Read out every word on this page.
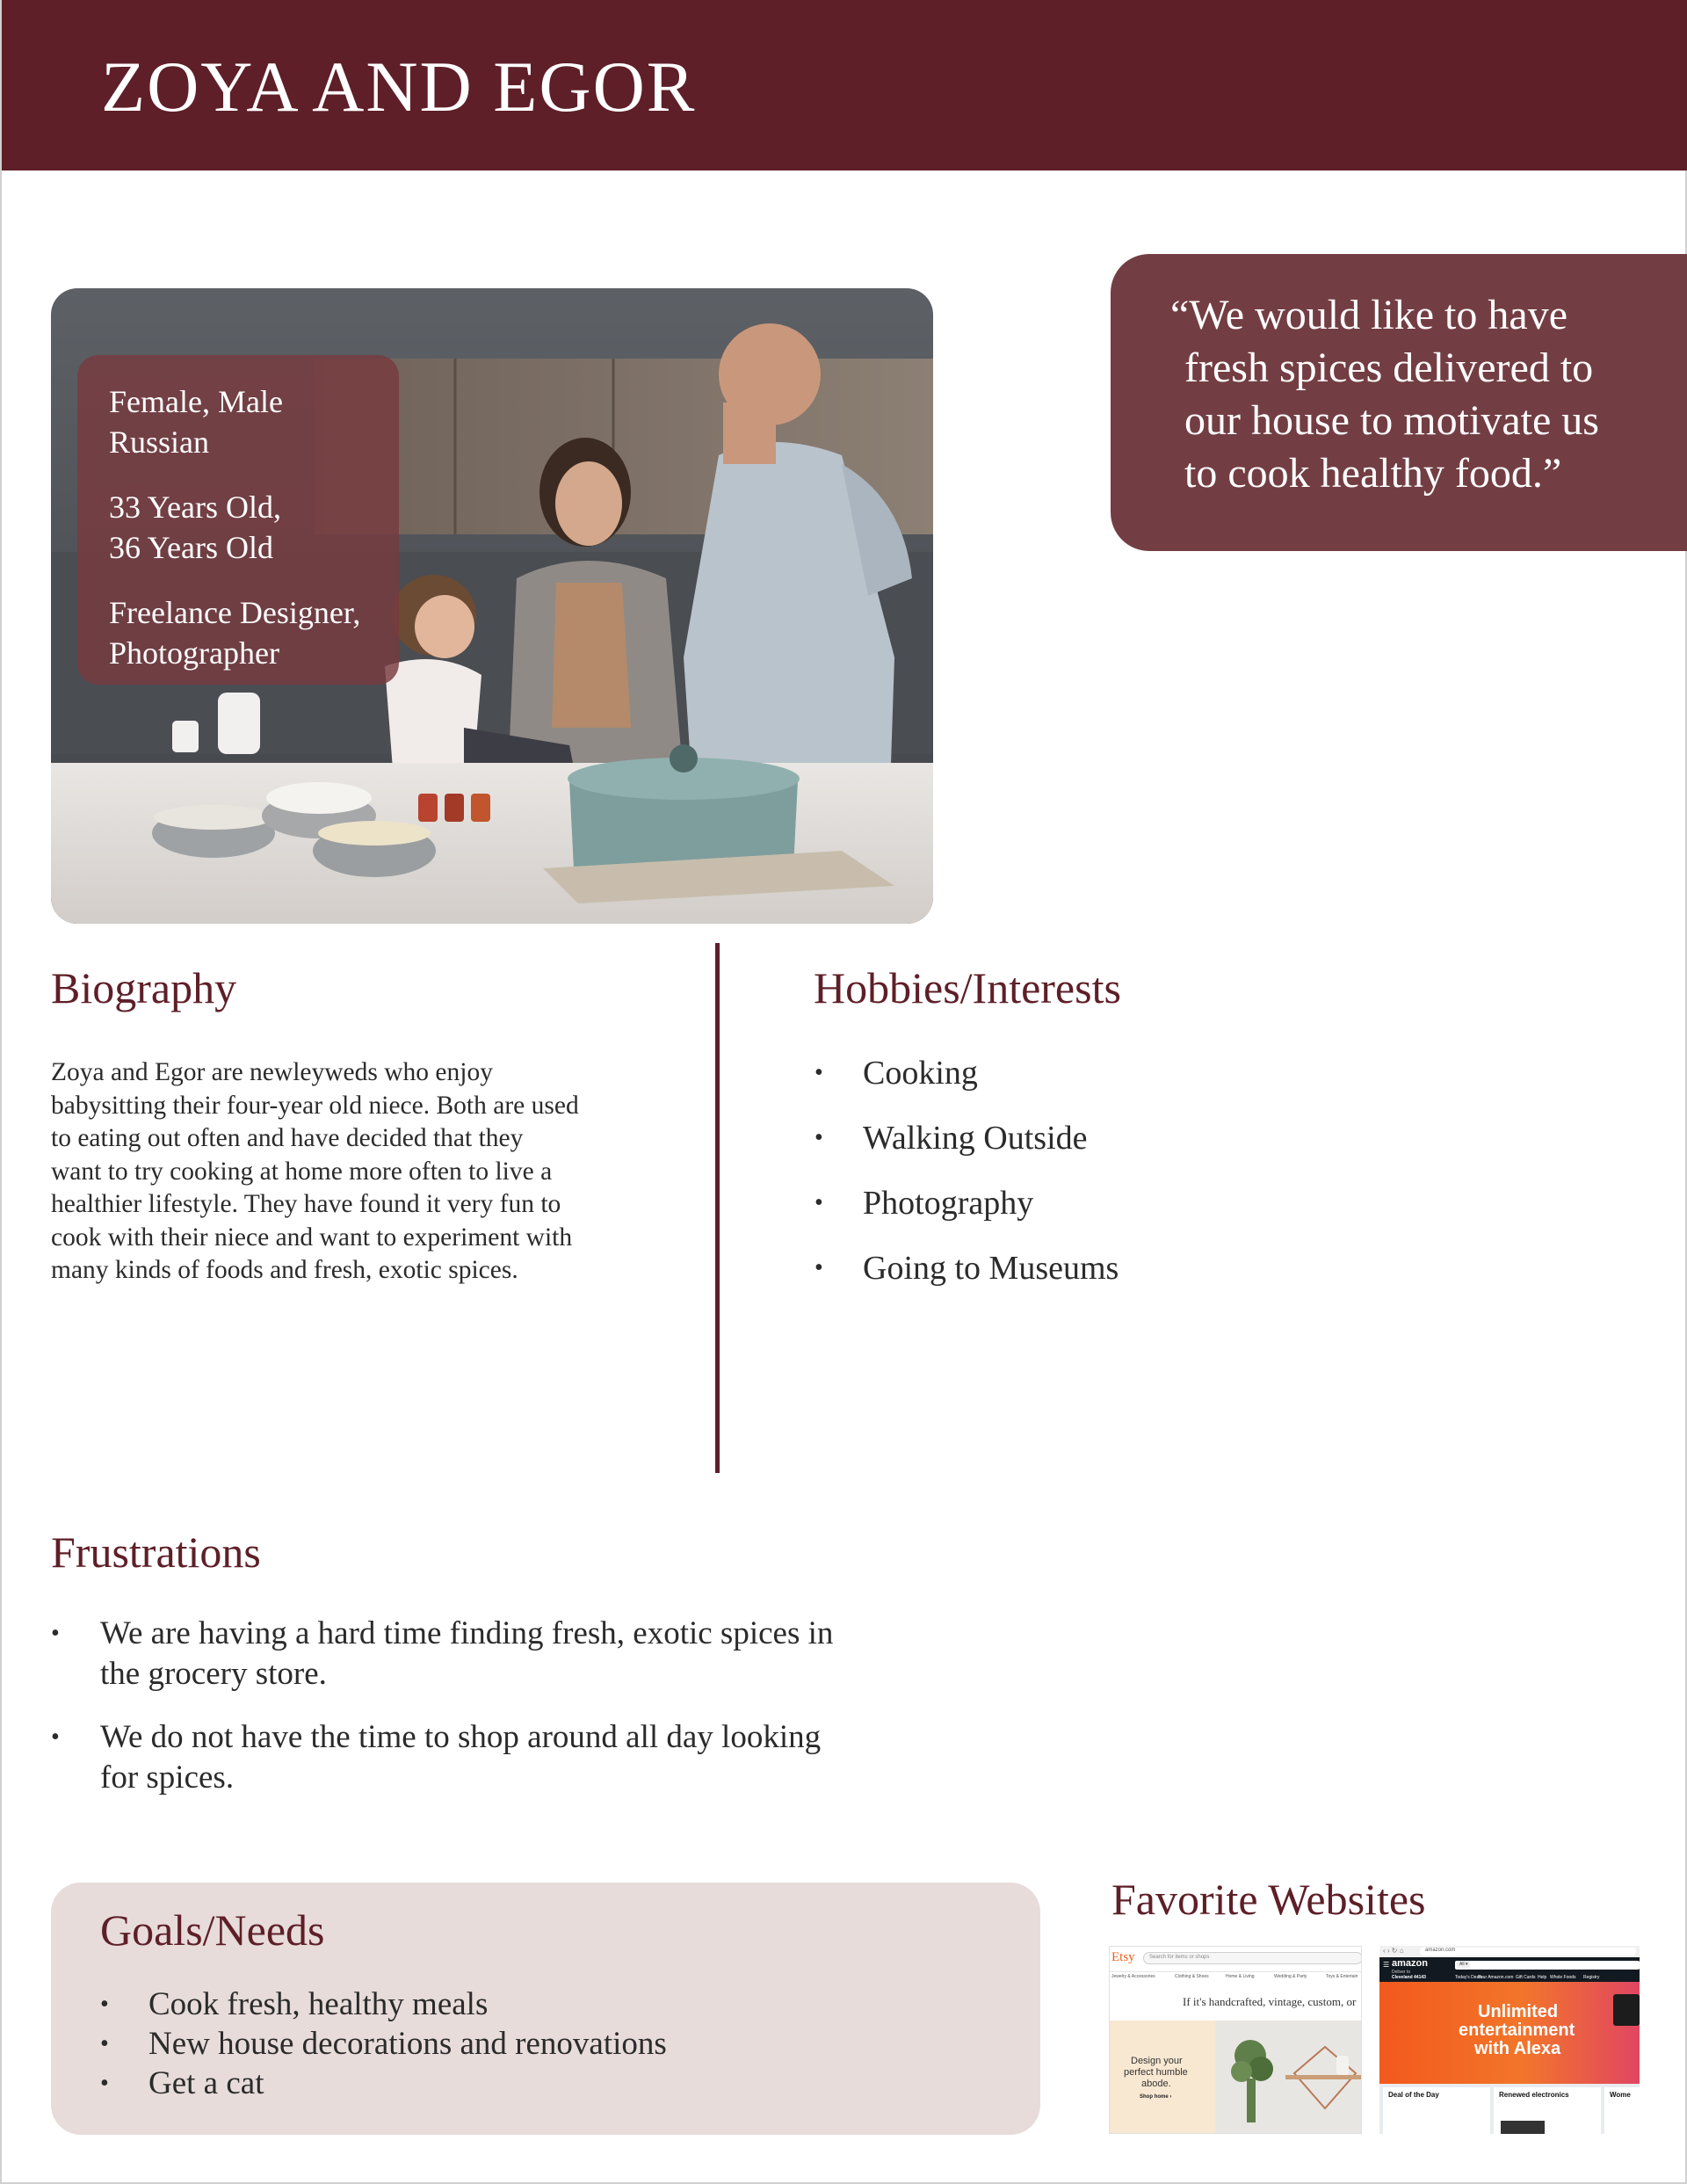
ZOYA AND EGOR
Female, Male
Russian
33 Years Old,
36 Years Old
Freelance Designer,
Photographer
“We would like to have
fresh spices delivered to
our house to motivate us
to cook healthy food.”
Biography
Zoya and Egor are newleyweds who enjoy
babysitting their four-year old niece. Both are used
to eating out often and have decided that they
want to try cooking at home more often to live a
healthier lifestyle. They have found it very fun to
cook with their niece and want to experiment with
many kinds of foods and fresh, exotic spices.
Hobbies/Interests
• Cooking
• Walking Outside
• Photography
• Going to Museums
Frustrations
• We are having a hard time finding fresh, exotic spices in
the grocery store.
• We do not have the time to shop around all day looking
for spices.
Goals/Needs
• Cook fresh, healthy meals
• New house decorations and renovations
• Get a cat
Favorite Websites
Etsy	Search for items or shops
Jewelry & Accessories	Clothing & Shoes	Home & Living	Wedding & Party	Toys & Entertain
If it's handcrafted, vintage, custom, or
Design your
perfect humble
abode.
Shop home ›
‹ › ↻ ⌂	amazon.com
☰ amazon
Deliver to
Cleveland 44143
All ▾
Today's Deals
Your Amazon.com Gift Cards Help Whole Foods Registry
Unlimited
entertainment
with Alexa
Deal of the Day	Renewed electronics	Wome
